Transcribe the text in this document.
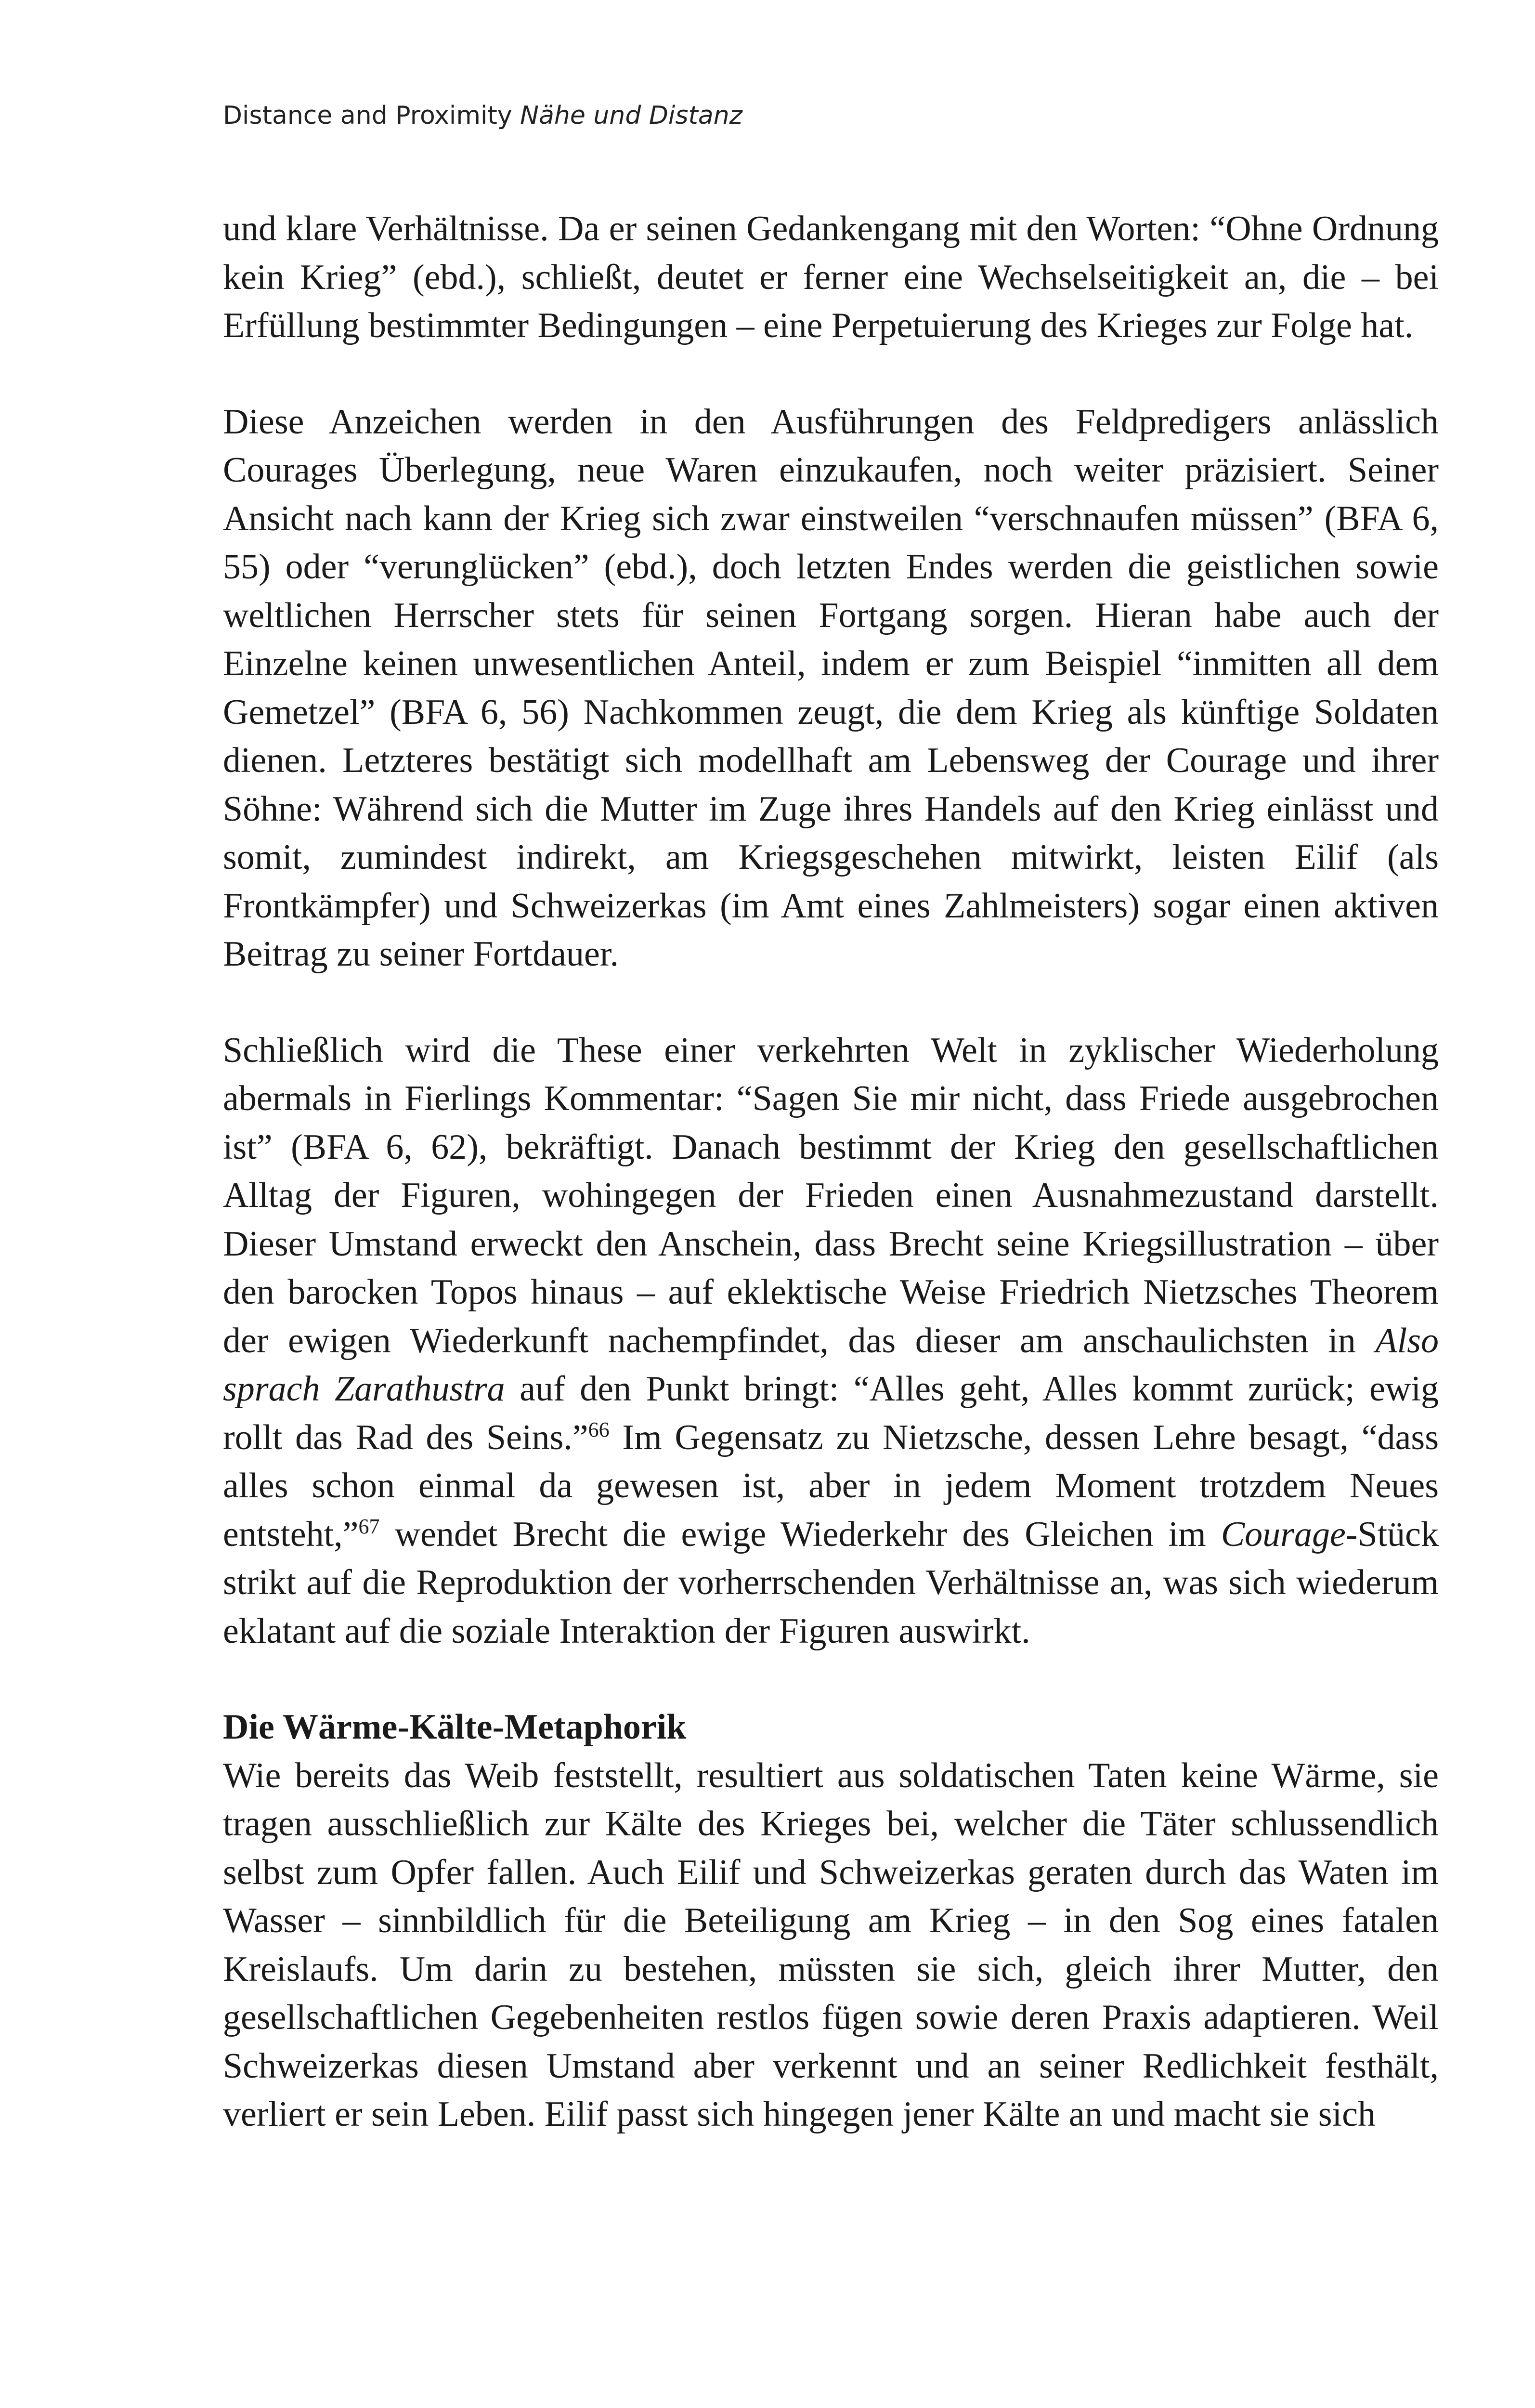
Distance and Proximity Nähe und Distanz

und klare Verhältnisse. Da er seinen Gedankengang mit den Worten: “Ohne Ordnung kein Krieg” (ebd.), schließt, deutet er ferner eine Wechselseitigkeit an, die – bei Erfüllung bestimmter Bedingungen – eine Perpetuierung des Krieges zur Folge hat.

Diese Anzeichen werden in den Ausführungen des Feldpredigers anlässlich Courages Überlegung, neue Waren einzukaufen, noch weiter präzisiert. Seiner Ansicht nach kann der Krieg sich zwar einstweilen “verschnaufen müssen” (BFA 6, 55) oder “verunglücken” (ebd.), doch letzten Endes werden die geistlichen sowie weltlichen Herrscher stets für seinen Fortgang sorgen. Hieran habe auch der Einzelne keinen unwesentlichen Anteil, indem er zum Beispiel “inmitten all dem Gemetzel” (BFA 6, 56) Nachkommen zeugt, die dem Krieg als künftige Soldaten dienen. Letzteres bestätigt sich modellhaft am Lebensweg der Courage und ihrer Söhne: Während sich die Mutter im Zuge ihres Handels auf den Krieg einlässt und somit, zumindest indirekt, am Kriegsgeschehen mitwirkt, leisten Eilif (als Frontkämpfer) und Schweizerkas (im Amt eines Zahlmeisters) sogar einen aktiven Beitrag zu seiner Fortdauer.

Schließlich wird die These einer verkehrten Welt in zyklischer Wiederholung abermals in Fierlings Kommentar: “Sagen Sie mir nicht, dass Friede ausgebrochen ist” (BFA 6, 62), bekräftigt. Danach bestimmt der Krieg den gesellschaftlichen Alltag der Figuren, wohingegen der Frieden einen Ausnahmezustand darstellt. Dieser Umstand erweckt den Anschein, dass Brecht seine Kriegsillustration – über den barocken Topos hinaus – auf eklektische Weise Friedrich Nietzsches Theorem der ewigen Wiederkunft nachempfindet, das dieser am anschaulichsten in Also sprach Zarathustra auf den Punkt bringt: “Alles geht, Alles kommt zurück; ewig rollt das Rad des Seins.”$^{66}$ Im Gegensatz zu Nietzsche, dessen Lehre besagt, “dass alles schon einmal da gewesen ist, aber in jedem Moment trotzdem Neues entsteht,”$^{67}$ wendet Brecht die ewige Wiederkehr des Gleichen im Courage-Stück strikt auf die Reproduktion der vorherrschenden Verhältnisse an, was sich wiederum eklatant auf die soziale Interaktion der Figuren auswirkt.

Die Wärme-Kälte-Metaphorik

Wie bereits das Weib feststellt, resultiert aus soldatischen Taten keine Wärme, sie tragen ausschließlich zur Kälte des Krieges bei, welcher die Täter schlussendlich selbst zum Opfer fallen. Auch Eilif und Schweizerkas geraten durch das Waten im Wasser – sinnbildlich für die Beteiligung am Krieg – in den Sog eines fatalen Kreislaufs. Um darin zu bestehen, müssten sie sich, gleich ihrer Mutter, den gesellschaftlichen Gegebenheiten restlos fügen sowie deren Praxis adaptieren. Weil Schweizerkas diesen Umstand aber verkennt und an seiner Redlichkeit festhält, verliert er sein Leben. Eilif passt sich hingegen jener Kälte an und macht sie sich
